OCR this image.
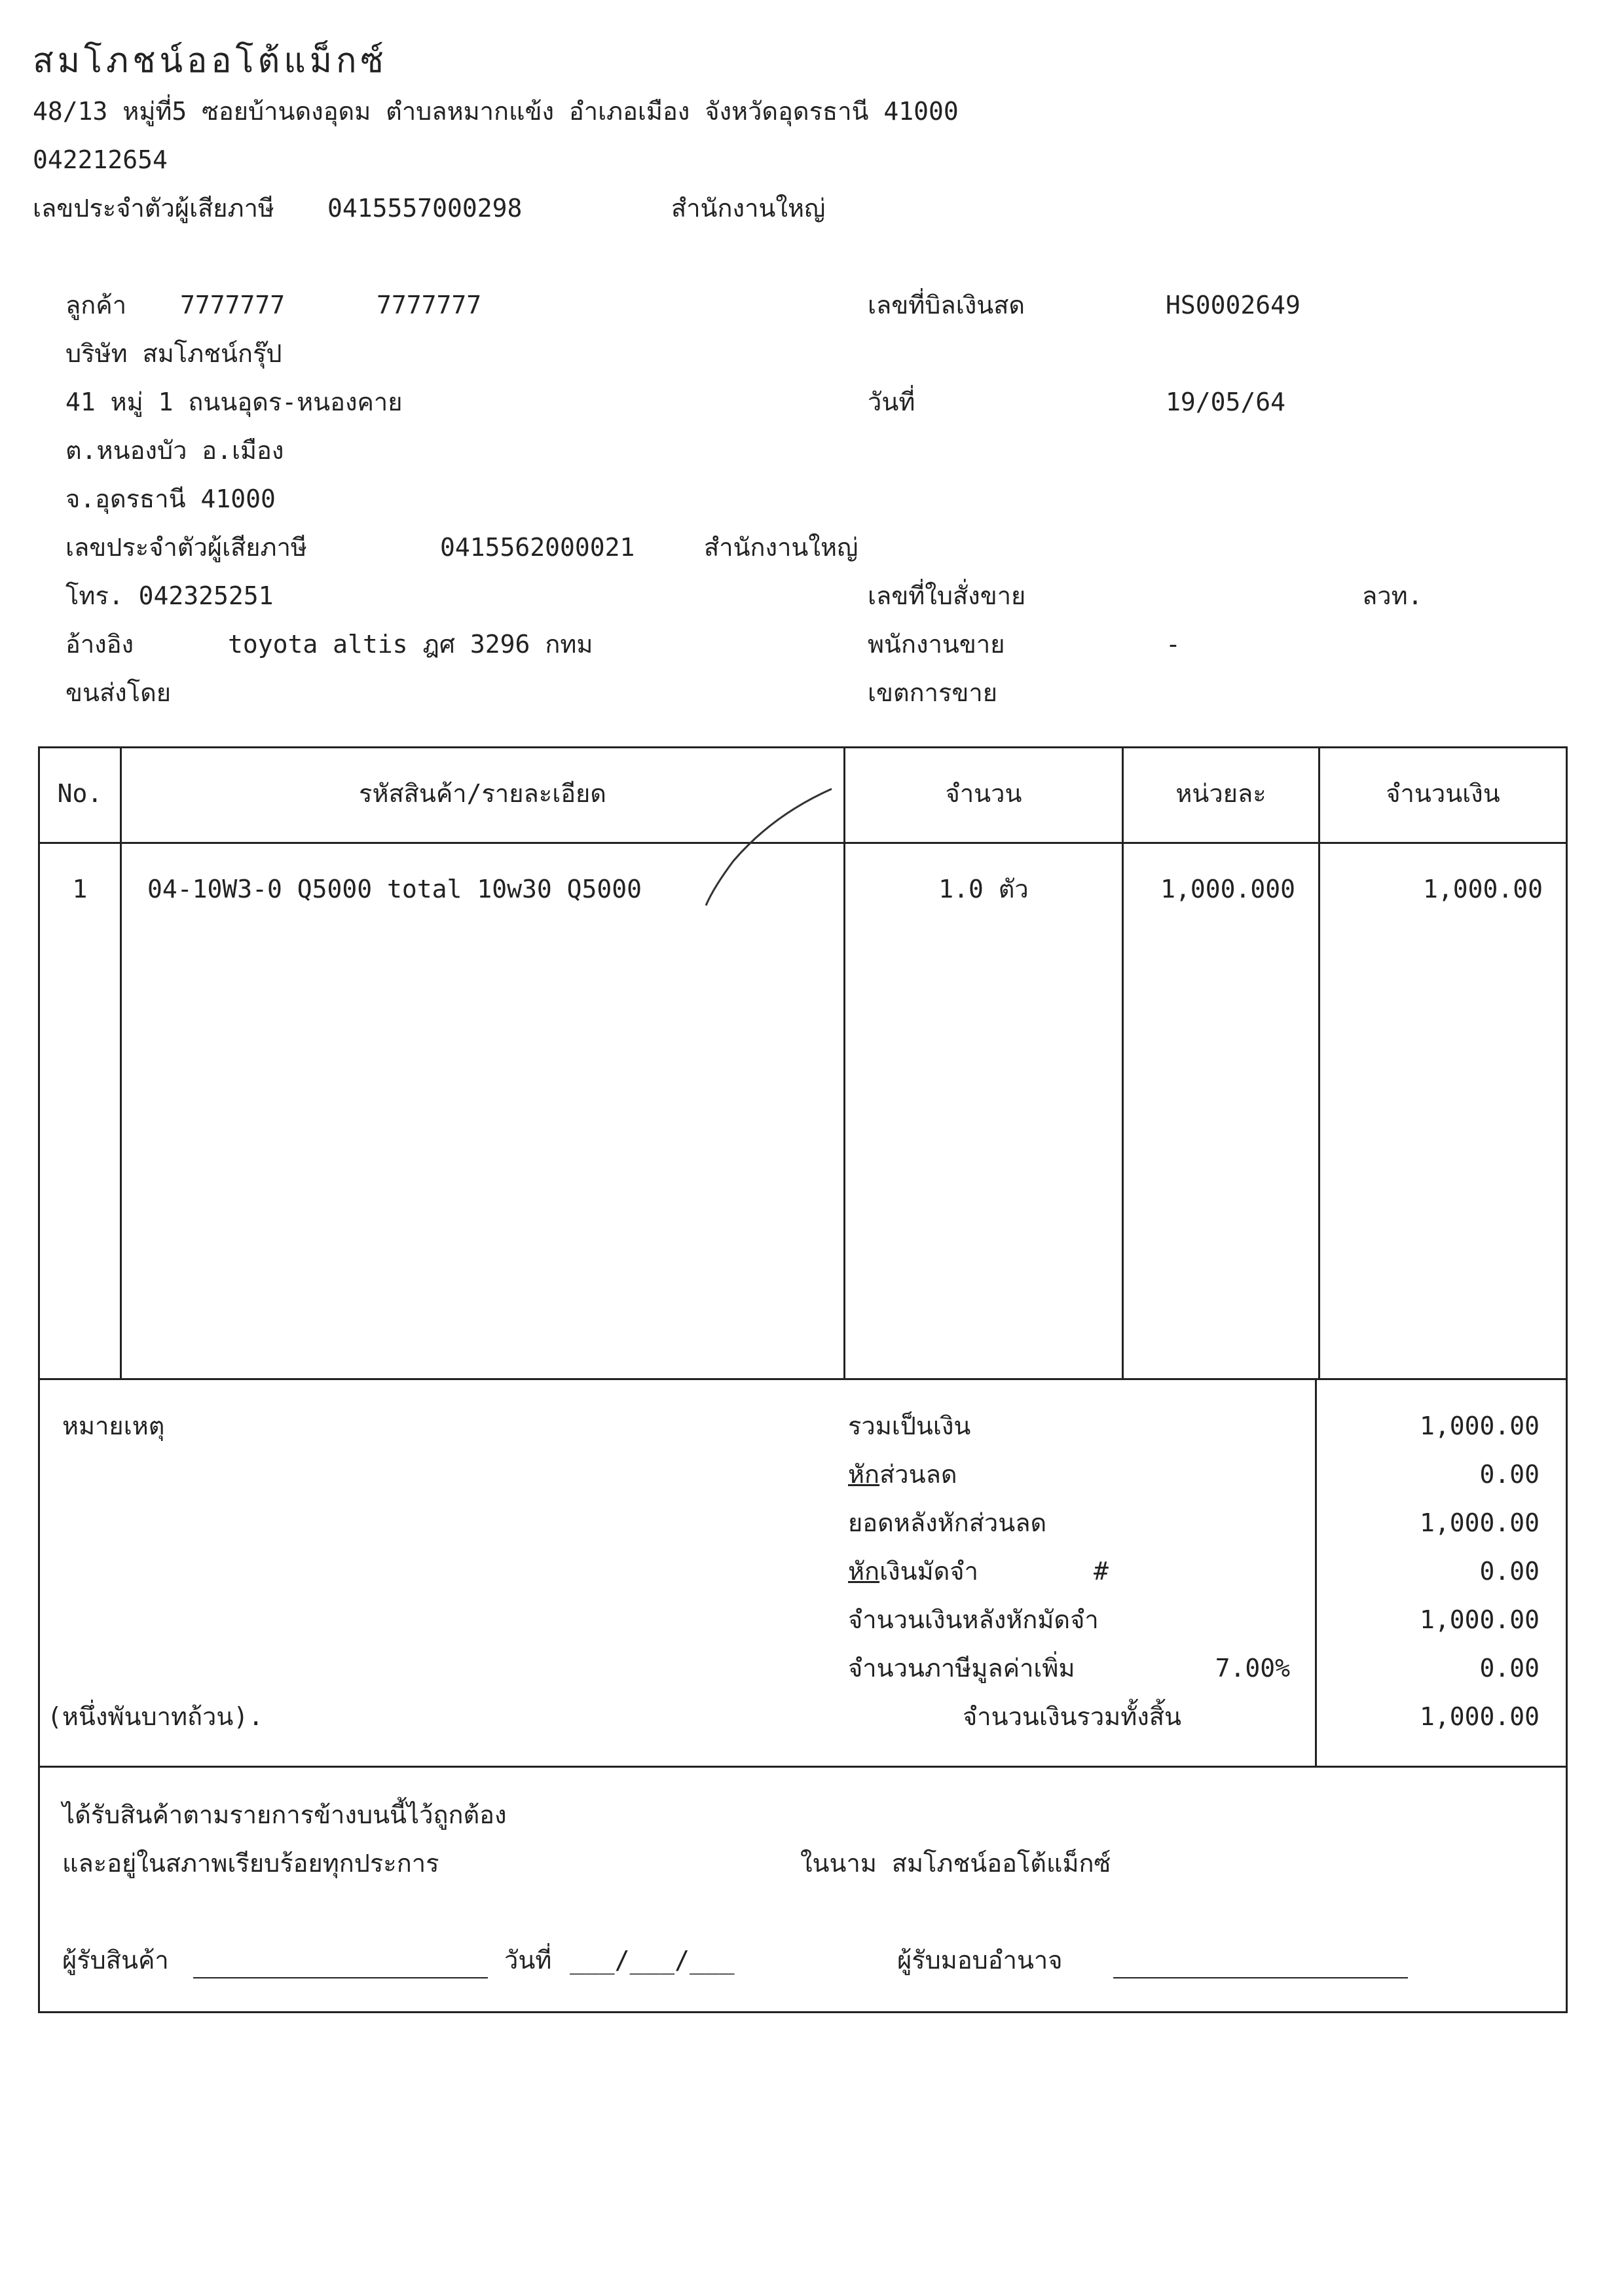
สมโภชน์ออโต้แม็กซ์
48/13 หมู่ที่5 ซอยบ้านดงอุดม ตำบลหมากแข้ง อำเภอเมือง จังหวัดอุดรธานี 41000
042212654
เลขประจำตัวผู้เสียภาษี 0415557000298	สำนักงานใหญ่
ลูกค้า 7777777	7777777
บริษัท สมโภชน์กรุ๊ป
41 หมู่ 1 ถนนอุดร-หนองคาย
ต.หนองบัว อ.เมือง
จ.อุดรธานี 41000
เลขประจำตัวผู้เสียภาษี	0415562000021	สำนักงานใหญ่
โทร. 042325251
อ้างอิง	toyota altis ฎศ 3296 กทม
ขนส่งโดย
เลขที่บิลเงินสด	HS0002649
วันที่	19/05/64
เลขที่ใบสั่งขาย	ลวท.
พนักงานขาย	-
เขตการขาย
No.	รหัสสินค้า/รายละเอียด	จำนวน	หน่วยละ	จำนวนเงิน
1	04-10W3-0 Q5000 total 10w30 Q5000	1.0 ตัว	1,000.000	1,000.00
หมายเหตุ	รวมเป็นเงิน	1,000.00
หักส่วนลด	0.00
ยอดหลังหักส่วนลด	1,000.00
หักเงินมัดจำ	#	0.00
จำนวนเงินหลังหักมัดจำ	1,000.00
จำนวนภาษีมูลค่าเพิ่ม	7.00%	0.00
(หนึ่งพันบาทถ้วน).	จำนวนเงินรวมทั้งสิ้น	1,000.00
ได้รับสินค้าตามรายการข้างบนนี้ไว้ถูกต้อง
และอยู่ในสภาพเรียบร้อยทุกประการ	ในนาม สมโภชน์ออโต้แม็กซ์
ผู้รับสินค้า	วันที่ ___/___/___	ผู้รับมอบอำนาจ
